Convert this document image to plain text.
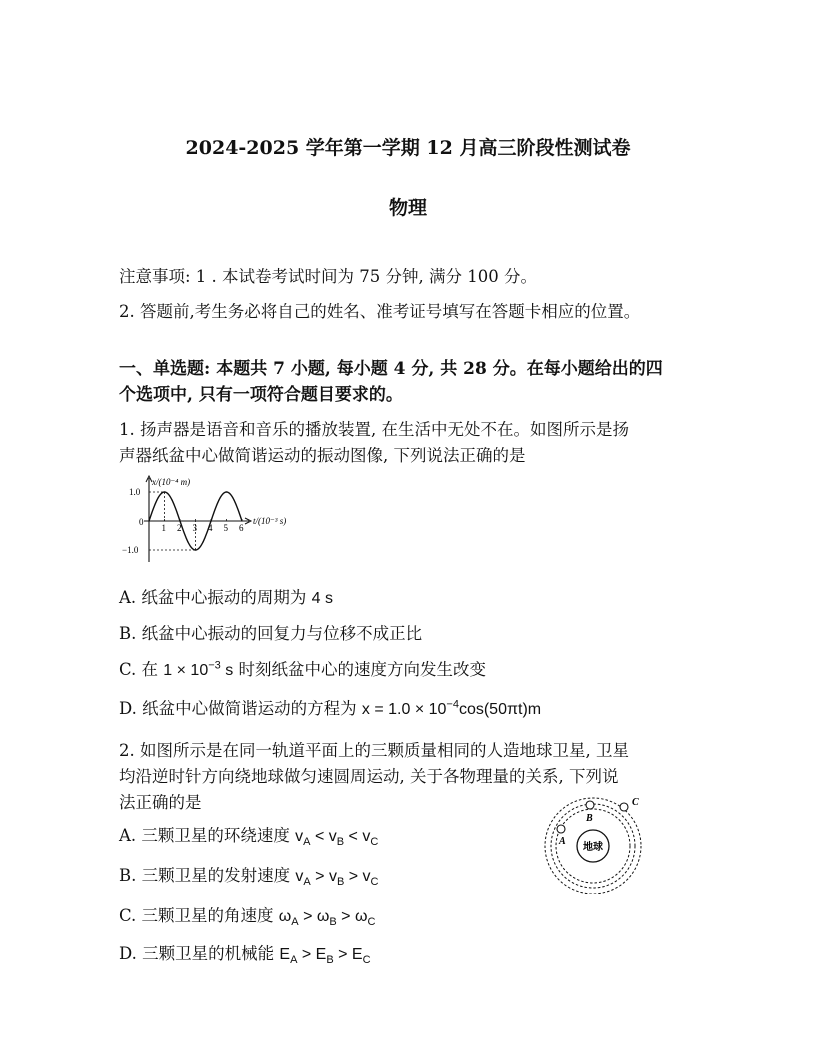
2024-2025 学年第一学期 12 月高三阶段性测试卷
物理
注意事项: 1 . 本试卷考试时间为 75 分钟, 满分 100 分。
2. 答题前,考生务必将自己的姓名、准考证号填写在答题卡相应的位置。
一、单选题: 本题共 7 小题, 每小题 4 分, 共 28 分。在每小题给出的四
个选项中, 只有一项符合题目要求的。
1. 扬声器是语音和音乐的播放装置, 在生活中无处不在。如图所示是扬
声器纸盆中心做简谐运动的振动图像, 下列说法正确的是
1 2 3 4 5 6
0
1.0
−1.0
x/(10⁻⁴ m)
t/(10⁻³ s)
A. 纸盆中心振动的周期为 4 s
B. 纸盆中心振动的回复力与位移不成正比
C. 在 $1 \times 10^{-3}$ s 时刻纸盆中心的速度方向发生改变
D. 纸盆中心做简谐运动的方程为 $x = 1.0 \times 10^{-4}\cos(50\pi t)m$
2. 如图所示是在同一轨道平面上的三颗质量相同的人造地球卫星, 卫星
均沿逆时针方向绕地球做匀速圆周运动, 关于各物理量的关系, 下列说
法正确的是
地球
A
B
C
A. 三颗卫星的环绕速度 $v_A < v_B < v_C$
B. 三颗卫星的发射速度 $v_A > v_B > v_C$
C. 三颗卫星的角速度 $\omega_A > \omega_B > \omega_C$
D. 三颗卫星的机械能 $E_A > E_B > E_C$
